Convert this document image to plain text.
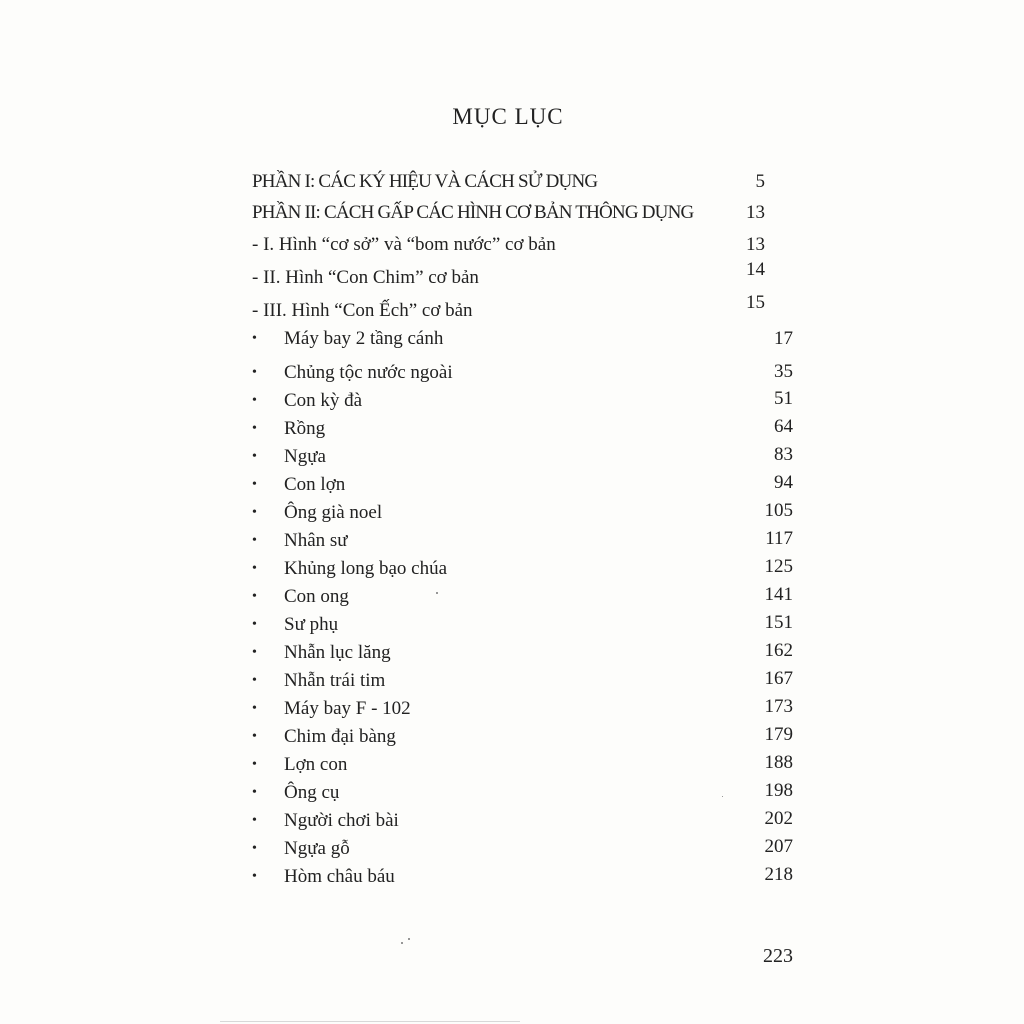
MỤC LỤC
PHẦN I: CÁC KÝ HIỆU VÀ CÁCH SỬ DỤNG	5
PHẦN II: CÁCH GẤP CÁC HÌNH CƠ BẢN THÔNG DỤNG	13
- I. Hình “cơ sở” và “bom nước” cơ bản	13
- II. Hình “Con Chim” cơ bản	14
- III. Hình “Con Ếch” cơ bản	15
• Máy bay 2 tầng cánh	17
• Chủng tộc nước ngoài	35
• Con kỳ đà	51
• Rồng	64
• Ngựa	83
• Con lợn	94
• Ông già noel	105
• Nhân sư	117
• Khủng long bạo chúa	125
• Con ong	141
• Sư phụ	151
• Nhẫn lục lăng	162
• Nhẫn trái tim	167
• Máy bay F - 102	173
• Chim đại bàng	179
• Lợn con	188
• Ông cụ	198
• Người chơi bài	202
• Ngựa gỗ	207
• Hòm châu báu	218
223
